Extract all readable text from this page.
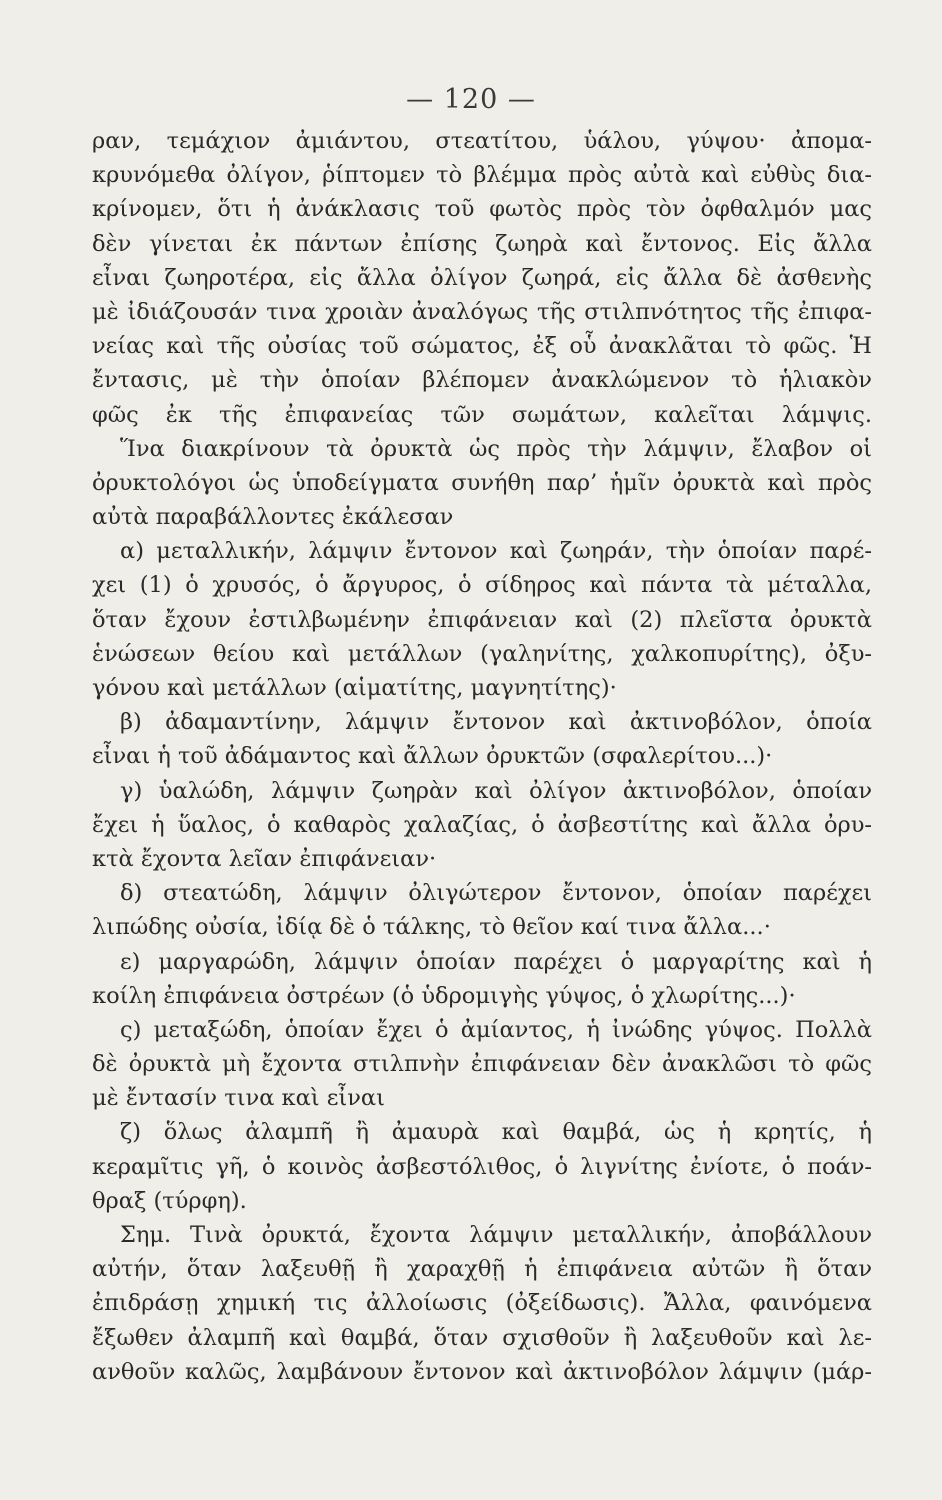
— 120 —
ραν, τεμάχιον ἀμιάντου, στεατίτου, ὑάλου, γύψου· ἀπομα-
κρυνόμεθα ὀλίγον, ῥίπτομεν τὸ βλέμμα πρὸς αὐτὰ καὶ εὐθὺς δια-
κρίνομεν, ὅτι ἡ ἀνάκλασις τοῦ φωτὸς πρὸς τὸν ὀφθαλμόν μας
δὲν γίνεται ἐκ πάντων ἐπίσης ζωηρὰ καὶ ἔντονος. Εἰς ἄλλα
εἶναι ζωηροτέρα, εἰς ἄλλα ὀλίγον ζωηρά, εἰς ἄλλα δὲ ἀσθενὴς
μὲ ἰδιάζουσάν τινα χροιὰν ἀναλόγως τῆς στιλπνότητος τῆς ἐπιφα-
νείας καὶ τῆς οὐσίας τοῦ σώματος, ἐξ οὗ ἀνακλᾶται τὸ φῶς. Ἡ
ἔντασις, μὲ τὴν ὁποίαν βλέπομεν ἀνακλώμενον τὸ ἡλιακὸν
φῶς ἐκ τῆς ἐπιφανείας τῶν σωμάτων, καλεῖται λάμψις.
Ἵνα διακρίνουν τὰ ὀρυκτὰ ὡς πρὸς τὴν λάμψιν, ἔλαβον οἱ
ὀρυκτολόγοι ὡς ὑποδείγματα συνήθη παρ’ ἡμῖν ὀρυκτὰ καὶ πρὸς
αὐτὰ παραβάλλοντες ἐκάλεσαν
α) μεταλλικήν, λάμψιν ἔντονον καὶ ζωηράν, τὴν ὁποίαν παρέ-
χει (1) ὁ χρυσός, ὁ ἄργυρος, ὁ σίδηρος καὶ πάντα τὰ μέταλλα,
ὅταν ἔχουν ἐστιλβωμένην ἐπιφάνειαν καὶ (2) πλεῖστα ὀρυκτὰ
ἑνώσεων θείου καὶ μετάλλων (γαληνίτης, χαλκοπυρίτης), ὀξυ-
γόνου καὶ μετάλλων (αἱματίτης, μαγνητίτης)·
β) ἀδαμαντίνην, λάμψιν ἔντονον καὶ ἀκτινοβόλον, ὁποία
εἶναι ἡ τοῦ ἀδάμαντος καὶ ἄλλων ὀρυκτῶν (σφαλερίτου...)·
γ) ὑαλώδη, λάμψιν ζωηρὰν καὶ ὀλίγον ἀκτινοβόλον, ὁποίαν
ἔχει ἡ ὕαλος, ὁ καθαρὸς χαλαζίας, ὁ ἀσβεστίτης καὶ ἄλλα ὀρυ-
κτὰ ἔχοντα λεῖαν ἐπιφάνειαν·
δ) στεατώδη, λάμψιν ὀλιγώτερον ἔντονον, ὁποίαν παρέχει
λιπώδης οὐσία, ἰδίᾳ δὲ ὁ τάλκης, τὸ θεῖον καί τινα ἄλλα...·
ε) μαργαρώδη, λάμψιν ὁποίαν παρέχει ὁ μαργαρίτης καὶ ἡ
κοίλη ἐπιφάνεια ὀστρέων (ὁ ὑδρομιγὴς γύψος, ὁ χλωρίτης...)·
ς) μεταξώδη, ὁποίαν ἔχει ὁ ἀμίαντος, ἡ ἰνώδης γύψος. Πολλὰ
δὲ ὀρυκτὰ μὴ ἔχοντα στιλπνὴν ἐπιφάνειαν δὲν ἀνακλῶσι τὸ φῶς
μὲ ἔντασίν τινα καὶ εἶναι
ζ) ὅλως ἀλαμπῆ ἢ ἀμαυρὰ καὶ θαμβά, ὡς ἡ κρητίς, ἡ
κεραμῖτις γῆ, ὁ κοινὸς ἀσβεστόλιθος, ὁ λιγνίτης ἐνίοτε, ὁ ποάν-
θραξ (τύρφη).
Σημ. Τινὰ ὀρυκτά, ἔχοντα λάμψιν μεταλλικήν, ἀποβάλλουν
αὐτήν, ὅταν λαξευθῇ ἢ χαραχθῇ ἡ ἐπιφάνεια αὐτῶν ἢ ὅταν
ἐπιδράσῃ χημική τις ἀλλοίωσις (ὀξείδωσις). Ἄλλα, φαινόμενα
ἔξωθεν ἀλαμπῆ καὶ θαμβά, ὅταν σχισθοῦν ἢ λαξευθοῦν καὶ λε-
ανθοῦν καλῶς, λαμβάνουν ἔντονον καὶ ἀκτινοβόλον λάμψιν (μάρ-
